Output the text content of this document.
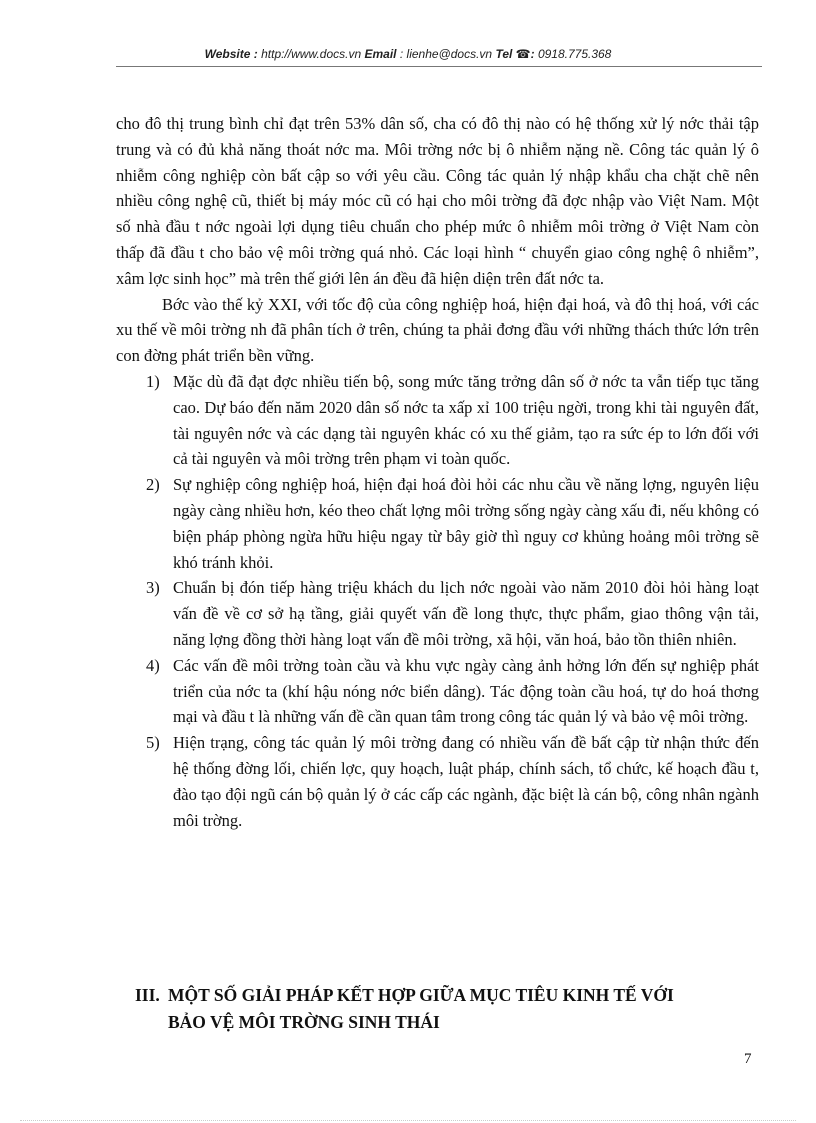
Website : http://www.docs.vn Email : lienhe@docs.vn Tel ☎: 0918.775.368

cho đô thị trung bình chỉ đạt trên 53% dân số, cha có đô thị nào có hệ thống xử lý nớc thải tập trung và có đủ khả năng thoát nớc ma. Môi trờng nớc bị ô nhiễm nặng nề. Công tác quản lý ô nhiễm công nghiệp còn bất cập so với yêu cầu. Công tác quản lý nhập khẩu cha chặt chẽ nên nhiều công nghệ cũ, thiết bị máy móc cũ có hại cho môi trờng đã đợc nhập vào Việt Nam. Một số nhà đầu t nớc ngoài lợi dụng tiêu chuẩn cho phép mức ô nhiễm môi trờng ở Việt Nam còn thấp đã đầu t cho bảo vệ môi trờng quá nhỏ. Các loại hình “ chuyển giao công nghệ ô nhiễm”, xâm lợc sinh học” mà trên thế giới lên án đều đã hiện diện trên đất nớc ta.

Bớc vào thế kỷ XXI, với tốc độ của công nghiệp hoá, hiện đại hoá, và đô thị hoá, với các xu thế về môi trờng nh đã phân tích ở trên, chúng ta phải đơng đầu với những thách thức lớn trên con đờng phát triển bền vững.

1) Mặc dù đã đạt đợc nhiều tiến bộ, song mức tăng trởng dân số ở nớc ta vẫn tiếp tục tăng cao. Dự báo đến năm 2020 dân số nớc ta xấp xỉ 100 triệu ngời, trong khi tài nguyên đất, tài nguyên nớc và các dạng tài nguyên khác có xu thế giảm, tạo ra sức ép to lớn đối với cả tài nguyên và môi trờng trên phạm vi toàn quốc.
2) Sự nghiệp công nghiệp hoá, hiện đại hoá đòi hỏi các nhu cầu về năng lợng, nguyên liệu ngày càng nhiều hơn, kéo theo chất lợng môi trờng sống ngày càng xấu đi, nếu không có biện pháp phòng ngừa hữu hiệu ngay từ bây giờ thì nguy cơ khủng hoảng môi trờng sẽ khó tránh khỏi.
3) Chuẩn bị đón tiếp hàng triệu khách du lịch nớc ngoài vào năm 2010 đòi hỏi hàng loạt vấn đề về cơ sở hạ tầng, giải quyết vấn đề long thực, thực phẩm, giao thông vận tải, năng lợng đồng thời hàng loạt vấn đề môi trờng, xã hội, văn hoá, bảo tồn thiên nhiên.
4) Các vấn đề môi trờng toàn cầu và khu vực ngày càng ảnh hởng lớn đến sự nghiệp phát triển của nớc ta (khí hậu nóng nớc biển dâng). Tác động toàn cầu hoá, tự do hoá thơng mại và đầu t là những vấn đề cần quan tâm trong công tác quản lý và bảo vệ môi trờng.
5) Hiện trạng, công tác quản lý môi trờng đang có nhiều vấn đề bất cập từ nhận thức đến hệ thống đờng lối, chiến lợc, quy hoạch, luật pháp, chính sách, tổ chức, kế hoạch đầu t, đào tạo đội ngũ cán bộ quản lý ở các cấp các ngành, đặc biệt là cán bộ, công nhân ngành môi trờng.
III. MỘT SỐ GIẢI PHÁP KẾT HỢP GIỮA MỤC TIÊU KINH TẾ VỚI
BẢO VỆ MÔI TRỜNG SINH THÁI
7
